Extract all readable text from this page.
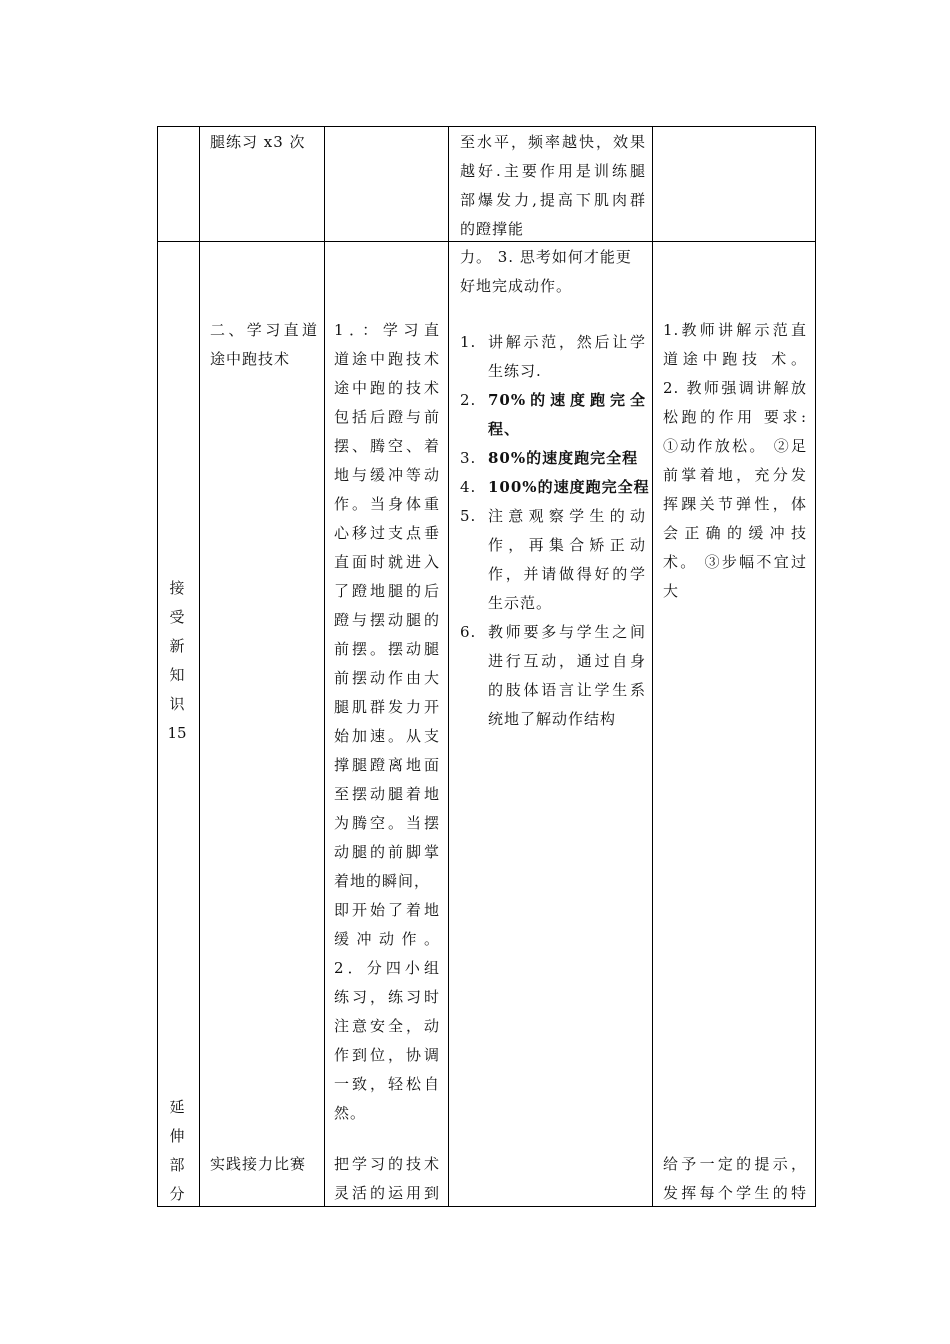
腿练习 x3 次	至水平，频率越快，效果
越好.主要作用是训练腿
部爆发力,提高下肌肉群
的蹬撑能
接
受
新
知
识
15
延
伸
部
分
二、学习直道
途中跑技术
实践接力比赛
1．：学习直
道途中跑技术
途中跑的技术
包括后蹬与前
摆、腾空、着
地与缓冲等动
作。当身体重
心移过支点垂
直面时就进入
了蹬地腿的后
蹬与摆动腿的
前摆。摆动腿
前摆动作由大
腿肌群发力开
始加速。从支
撑腿蹬离地面
至摆动腿着地
为腾空。当摆
动腿的前脚掌
着地的瞬间，
即开始了着地
缓冲动作。
2．分四小组
练习，练习时
注意安全，动
作到位，协调
一致，轻松自
然。
把学习的技术
灵活的运用到
力。 3. 思考如何才能更
好地完成动作。
1. 讲解示范，然后让学
生练习.
2. 70%的速度跑完全
程、
3. 80%的速度跑完全程
4. 100%的速度跑完全程
5. 注意观察学生的动
作，再集合矫正动
作，并请做得好的学
生示范。
6. 教师要多与学生之间
进行互动，通过自身
的肢体语言让学生系
统地了解动作结构
1.教师讲解示范直
道途中跑技 术。
2. 教师强调讲解放
松跑的作用 要求:
①动作放松。 ②足
前掌着地，充分发
挥踝关节弹性，体
会正确的缓冲技
术。 ③步幅不宜过
大
给予一定的提示，
发挥每个学生的特
